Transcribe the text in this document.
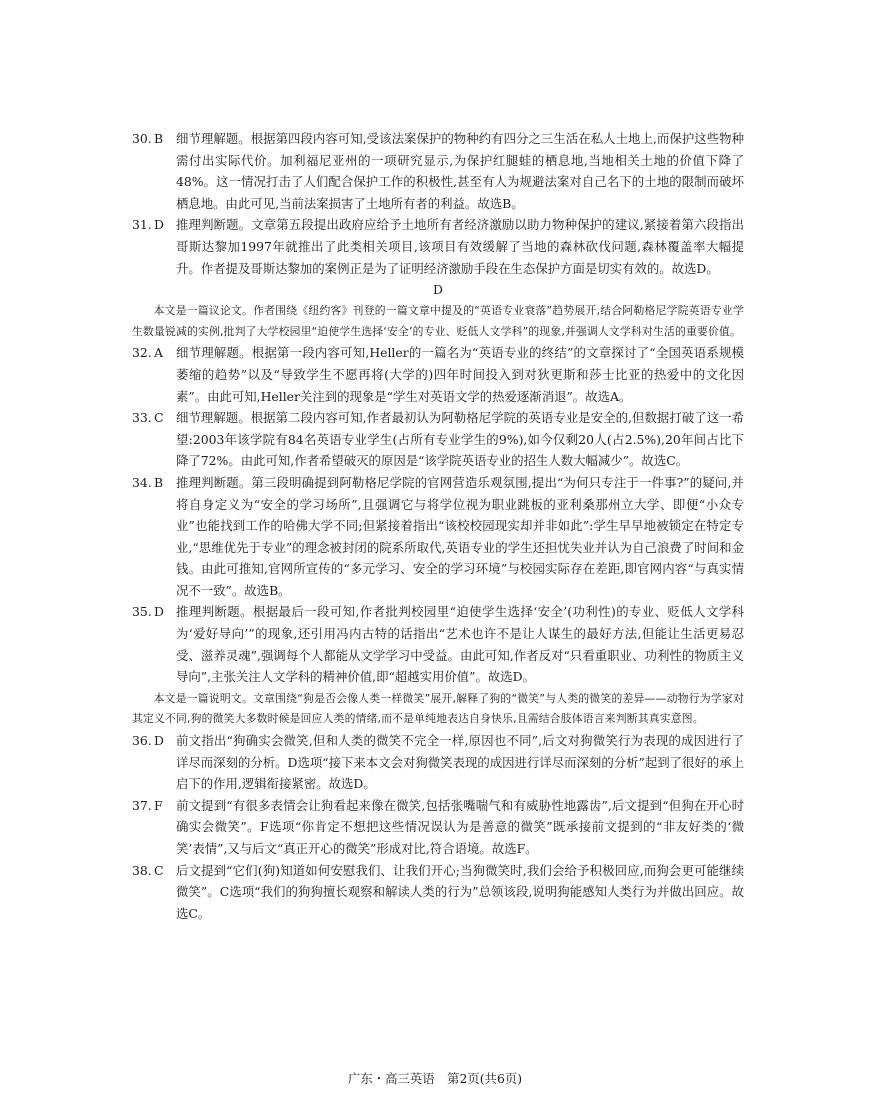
30. B	细节理解题。根据第四段内容可知,受该法案保护的物种约有四分之三生活在私人土地上,而保护这些物种需付出实际代价。加利福尼亚州的一项研究显示,为保护红腿蛙的栖息地,当地相关土地的价值下降了48%。这一情况打击了人们配合保护工作的积极性,甚至有人为规避法案对自己名下的土地的限制而破坏栖息地。由此可见,当前法案损害了土地所有者的利益。故选B。
31. D 推理判断题。文章第五段提出政府应给予土地所有者经济激励以助力物种保护的建议,紧接着第六段指出哥斯达黎加1997年就推出了此类相关项目,该项目有效缓解了当地的森林砍伐问题,森林覆盖率大幅提升。作者提及哥斯达黎加的案例正是为了证明经济激励手段在生态保护方面是切实有效的。故选D。

D

本文是一篇议论文。作者围绕《纽约客》刊登的一篇文章中提及的“英语专业衰落”趋势展开,结合阿勒格尼学院英语专业学生数量锐减的实例,批判了大学校园里“迫使学生选择‘安全’的专业、贬低人文学科”的现象,并强调人文学科对生活的重要价值。

32. A	细节理解题。根据第一段内容可知,Heller的一篇名为“英语专业的终结”的文章探讨了“全国英语系规模萎缩的趋势”以及“导致学生不愿再将(大学的)四年时间投入到对狄更斯和莎士比亚的热爱中的文化因素”。由此可知,Heller关注到的现象是“学生对英语文学的热爱逐渐消退”。故选A。
33. C	细节理解题。根据第二段内容可知,作者最初认为阿勒格尼学院的英语专业是安全的,但数据打破了这一希望:2003年该学院有84名英语专业学生(占所有专业学生的9%),如今仅剩20人(占2.5%),20年间占比下降了72%。由此可知,作者希望破灭的原因是“该学院英语专业的招生人数大幅减少”。故选C。
34. B	推理判断题。第三段明确提到阿勒格尼学院的官网营造乐观氛围,提出“为何只专注于一件事?”的疑问,并将自身定义为“安全的学习场所”,且强调它与将学位视为职业跳板的亚利桑那州立大学、即便“小众专业”也能找到工作的哈佛大学不同;但紧接着指出“该校校园现实却并非如此”:学生早早地被锁定在特定专业,“思维优先于专业”的理念被封闭的院系所取代,英语专业的学生还担忧失业并认为自己浪费了时间和金钱。由此可推知,官网所宣传的“多元学习、安全的学习环境”与校园实际存在差距,即官网内容“与真实情况不一致”。故选B。
35. D 推理判断题。根据最后一段可知,作者批判校园里“迫使学生选择‘安全’(功利性)的专业、贬低人文学科为‘爱好导向’”的现象,还引用冯内古特的话指出“艺术也许不是让人谋生的最好方法,但能让生活更易忍受、滋养灵魂”,强调每个人都能从文学学习中受益。由此可知,作者反对“只看重职业、功利性的物质主义导向”,主张关注人文学科的精神价值,即“超越实用价值”。故选D。

本文是一篇说明文。文章围绕“狗是否会像人类一样微笑”展开,解释了狗的“微笑”与人类的微笑的差异——动物行为学家对其定义不同,狗的微笑大多数时候是回应人类的情绪,而不是单纯地表达自身快乐,且需结合肢体语言来判断其真实意图。

36. D 前文指出“狗确实会微笑,但和人类的微笑不完全一样,原因也不同”,后文对狗微笑行为表现的成因进行了详尽而深刻的分析。D选项“接下来本文会对狗微笑表现的成因进行详尽而深刻的分析”起到了很好的承上启下的作用,逻辑衔接紧密。故选D。
37. F	前文提到“有很多表情会让狗看起来像在微笑,包括张嘴喘气和有威胁性地露齿”,后文提到“但狗在开心时确实会微笑”。F选项“你肯定不想把这些情况误认为是善意的微笑”既承接前文提到的“非友好类的‘微笑’表情”,又与后文“真正开心的微笑”形成对比,符合语境。故选F。
38. C	后文提到“它们(狗)知道如何安慰我们、让我们开心;当狗微笑时,我们会给予积极回应,而狗会更可能继续微笑”。C选项“我们的狗狗擅长观察和解读人类的行为”总领该段,说明狗能感知人类行为并做出回应。故选C。
广东・高三英语　第2页(共6页)
